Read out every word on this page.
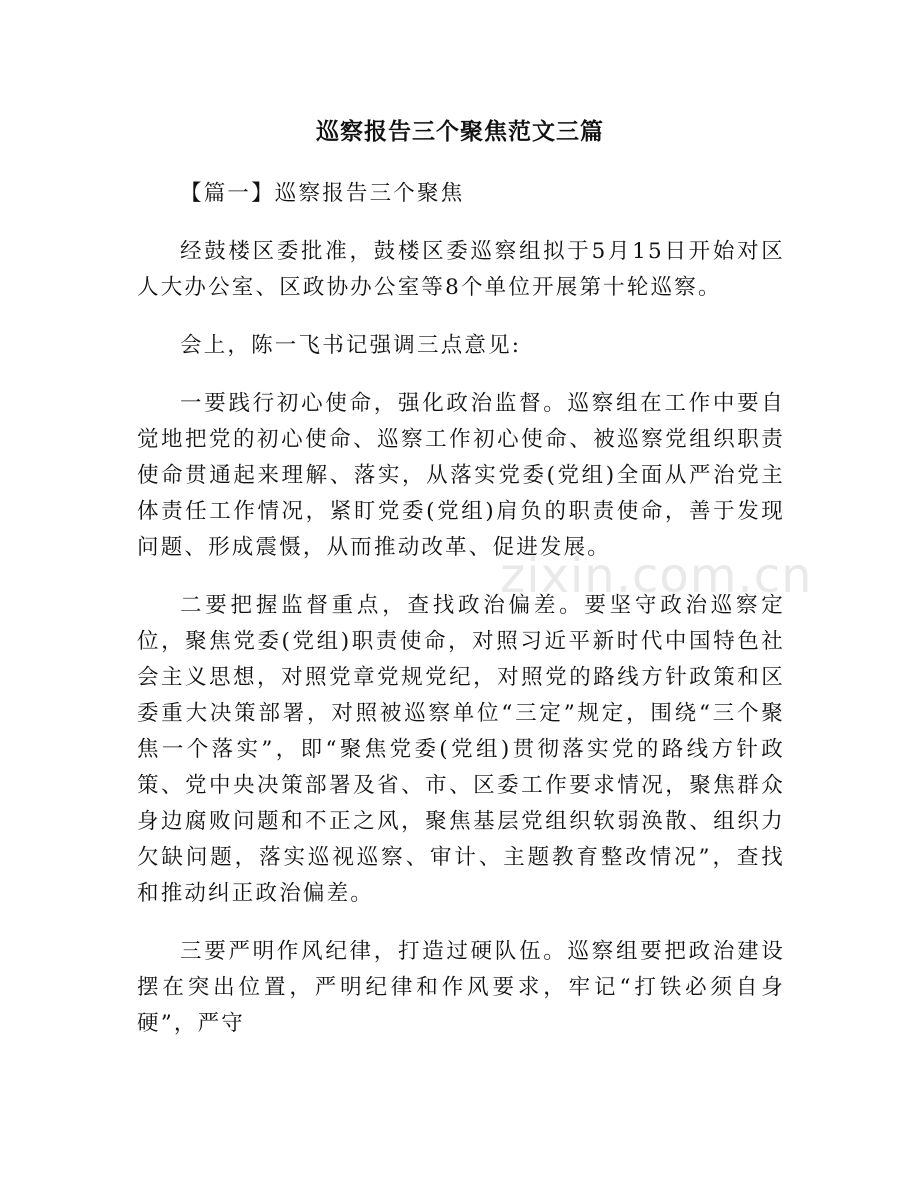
巡察报告三个聚焦范文三篇

【篇一】巡察报告三个聚焦

经鼓楼区委批准，鼓楼区委巡察组拟于5月15日开始对区人大办公室、区政协办公室等8个单位开展第十轮巡察。

会上，陈一飞书记强调三点意见:

一要践行初心使命，强化政治监督。巡察组在工作中要自觉地把党的初心使命、巡察工作初心使命、被巡察党组织职责使命贯通起来理解、落实，从落实党委(党组)全面从严治党主体责任工作情况，紧盯党委(党组)肩负的职责使命，善于发现问题、形成震慑，从而推动改革、促进发展。

二要把握监督重点，查找政治偏差。要坚守政治巡察定位，聚焦党委(党组)职责使命，对照习近平新时代中国特色社会主义思想，对照党章党规党纪，对照党的路线方针政策和区委重大决策部署，对照被巡察单位“三定”规定，围绕“三个聚焦一个落实”，即“聚焦党委(党组)贯彻落实党的路线方针政策、党中央决策部署及省、市、区委工作要求情况，聚焦群众身边腐败问题和不正之风，聚焦基层党组织软弱涣散、组织力欠缺问题，落实巡视巡察、审计、主题教育整改情况”，查找和推动纠正政治偏差。

三要严明作风纪律，打造过硬队伍。巡察组要把政治建设摆在突出位置，严明纪律和作风要求，牢记“打铁必须自身硬”，严守

zixin.com.cn
